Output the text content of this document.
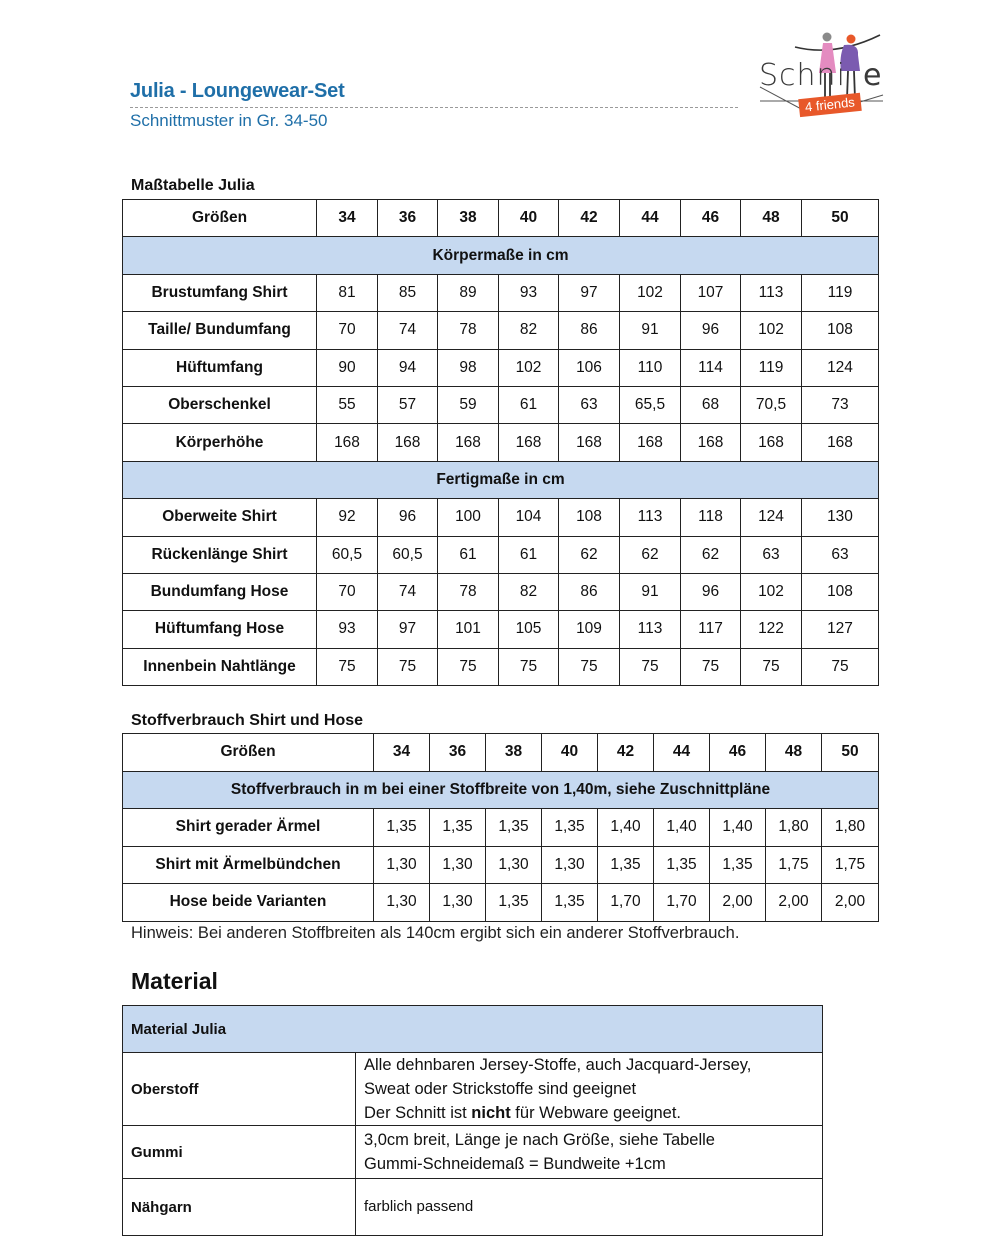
Julia - Loungewear-Set
Schnittmuster in Gr. 34-50
Schni e
4 friends
Maßtabelle Julia
Größen	34	36	38	40	42	44	46	48	50
Körpermaße in cm									
Brustumfang Shirt	81	85	89	93	97	102	107	113	119
Taille/ Bundumfang	70	74	78	82	86	91	96	102	108
Hüftumfang	90	94	98	102	106	110	114	119	124
Oberschenkel	55	57	59	61	63	65,5	68	70,5	73
Körperhöhe	168	168	168	168	168	168	168	168	168
Fertigmaße in cm									
Oberweite Shirt	92	96	100	104	108	113	118	124	130
Rückenlänge Shirt	60,5	60,5	61	61	62	62	62	63	63
Bundumfang Hose	70	74	78	82	86	91	96	102	108
Hüftumfang Hose	93	97	101	105	109	113	117	122	127
Innenbein Nahtlänge	75	75	75	75	75	75	75	75	75
Stoffverbrauch Shirt und Hose
Größen	34	36	38	40	42	44	46	48	50
Stoffverbrauch in m bei einer Stoffbreite von 1,40m, siehe Zuschnittpläne									
Shirt gerader Ärmel	1,35	1,35	1,35	1,35	1,40	1,40	1,40	1,80	1,80
Shirt mit Ärmelbündchen	1,30	1,30	1,30	1,30	1,35	1,35	1,35	1,75	1,75
Hose beide Varianten	1,30	1,30	1,35	1,35	1,70	1,70	2,00	2,00	2,00
Hinweis: Bei anderen Stoffbreiten als 140cm ergibt sich ein anderer Stoffverbrauch.
Material
Material Julia	
Oberstoff	Alle dehnbaren Jersey-Stoffe, auch Jacquard-Jersey,
Sweat oder Strickstoffe sind geeignet
Der Schnitt ist nicht für Webware geeignet.

Gummi	3,0cm breit, Länge je nach Größe, siehe Tabelle
Gummi-Schneidemaß = Bundweite +1cm

Nähgarn	farblich passend
